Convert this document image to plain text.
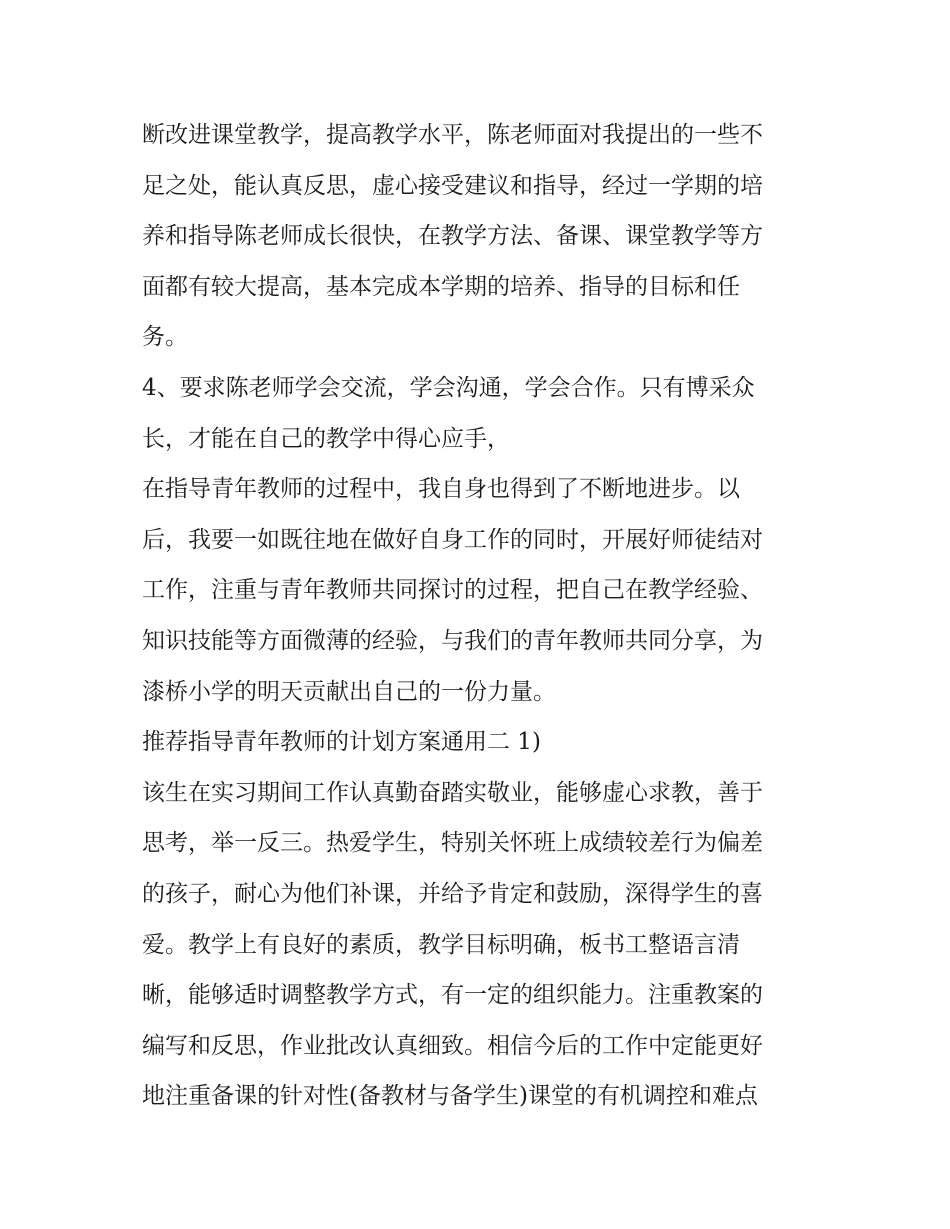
断改进课堂教学，提高教学水平，陈老师面对我提出的一些不
足之处，能认真反思，虚心接受建议和指导，经过一学期的培
养和指导陈老师成长很快，在教学方法、备课、课堂教学等方
面都有较大提高，基本完成本学期的培养、指导的目标和任
务。
4、要求陈老师学会交流，学会沟通，学会合作。只有博采众
长，才能在自己的教学中得心应手，
在指导青年教师的过程中，我自身也得到了不断地进步。以
后，我要一如既往地在做好自身工作的同时，开展好师徒结对
工作，注重与青年教师共同探讨的过程，把自己在教学经验、
知识技能等方面微薄的经验，与我们的青年教师共同分享，为
漆桥小学的明天贡献出自己的一份力量。
推荐指导青年教师的计划方案通用二 1)
该生在实习期间工作认真勤奋踏实敬业，能够虚心求教，善于
思考，举一反三。热爱学生，特别关怀班上成绩较差行为偏差
的孩子，耐心为他们补课，并给予肯定和鼓励，深得学生的喜
爱。教学上有良好的素质，教学目标明确，板书工整语言清
晰，能够适时调整教学方式，有一定的组织能力。注重教案的
编写和反思，作业批改认真细致。相信今后的工作中定能更好
地注重备课的针对性(备教材与备学生)课堂的有机调控和难点
